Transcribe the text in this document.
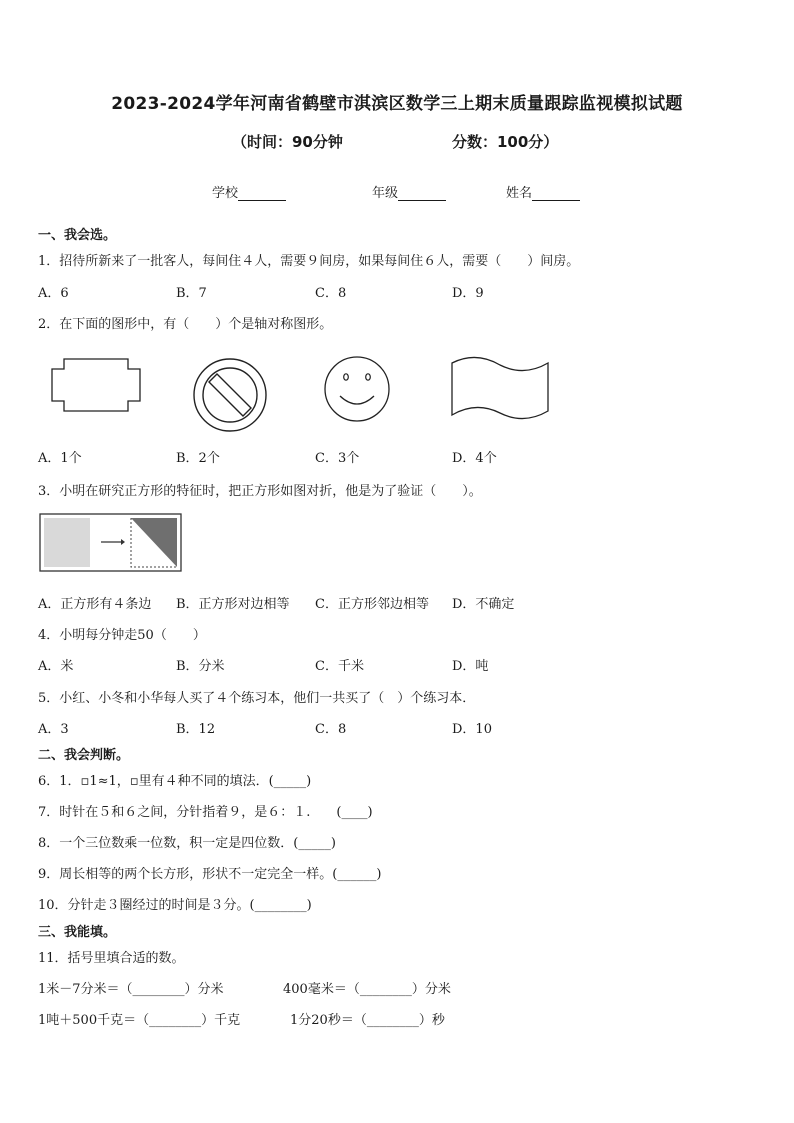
2023-2024学年河南省鹤壁市淇滨区数学三上期末质量跟踪监视模拟试题
（时间：90分钟	分数：100分）
学校	年级	姓名
一、我会选。
1．招待所新来了一批客人，每间住４人，需要９间房，如果每间住６人，需要（　　）间房。
A．6	B．7	C．8	D．9
2．在下面的图形中，有（　　）个是轴对称图形。
A．1个	B．2个	C．3个	D．4个
3．小明在研究正方形的特征时，把正方形如图对折，他是为了验证（　　）。
A．正方形有４条边 B．正方形对边相等 C．正方形邻边相等 D．不确定
4．小明每分钟走50（　　）
A．米	B．分米	C．千米	D．吨
5．小红、小冬和小华每人买了４个练习本，他们一共买了（　）个练习本．
A．3	B．12	C．8	D．10
二、我会判断。
6．1．▫1≈1，▫里有４种不同的填法．(_____)
7．时针在５和６之间，分针指着９，是６：１.　　(____)
8．一个三位数乘一位数，积一定是四位数．(_____)
9．周长相等的两个长方形，形状不一定完全一样。(______)
10．分针走３圈经过的时间是３分。(________)
三、我能填。
11．括号里填合适的数。
1米－7分米＝（________）分米	400毫米＝（________）分米
1吨＋500千克＝（________）千克	1分20秒＝（________）秒
